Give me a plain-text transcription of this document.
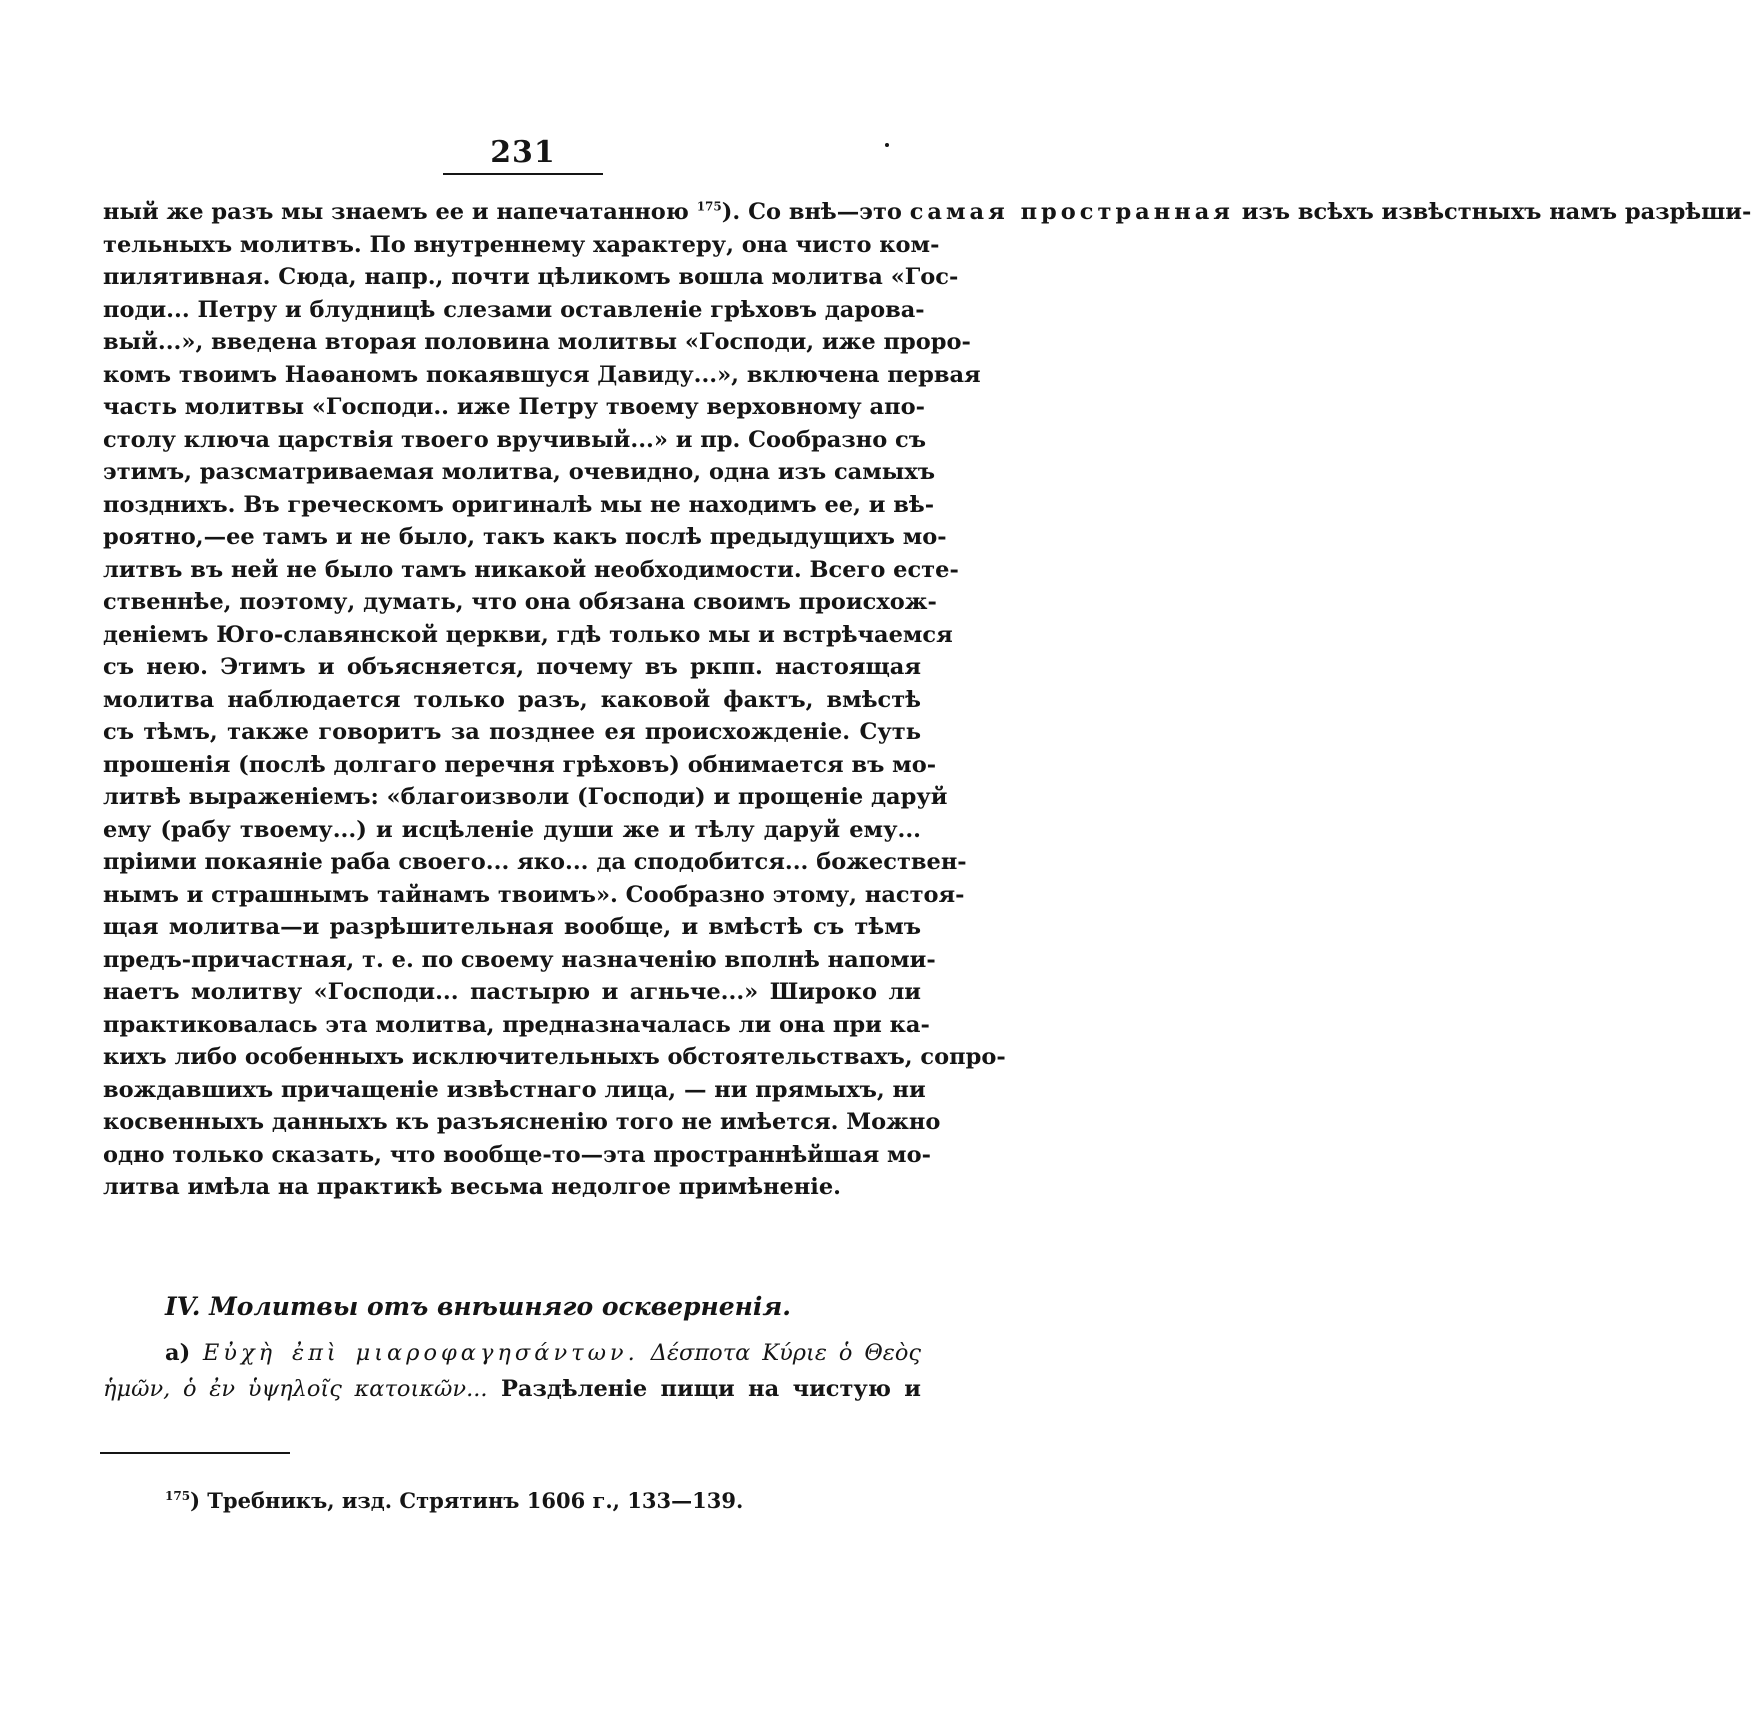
231
ный же разъ мы знаемъ ее и напечатанною $^{175}$). Со внѣ—это самая пространная изъ всѣхъ извѣстныхъ намъ разрѣши-
тельныхъ молитвъ. По внутреннему характеру, она чисто ком-
пилятивная. Сюда, напр., почти цѣликомъ вошла молитва «Гос-
поди... Петру и блудницѣ слезами оставленіе грѣховъ дарова-
вый...», введена вторая половина молитвы «Господи, иже проро-
комъ твоимъ Наѳаномъ покаявшуся Давиду...», включена первая
часть молитвы «Господи.. иже Петру твоему верховному апо-
столу ключа царствія твоего вручивый...» и пр. Сообразно съ
этимъ, разсматриваемая молитва, очевидно, одна изъ самыхъ
позднихъ. Въ греческомъ оригиналѣ мы не находимъ ее, и вѣ-
роятно,—ее тамъ и не было, такъ какъ послѣ предыдущихъ мо-
литвъ въ ней не было тамъ никакой необходимости. Всего есте-
ственнѣе, поэтому, думать, что она обязана своимъ происхож-
деніемъ Юго-славянской церкви, гдѣ только мы и встрѣчаемся
съ нею. Этимъ и объясняется, почему въ ркпп. настоящая
молитва наблюдается только разъ, каковой фактъ, вмѣстѣ
съ тѣмъ, также говоритъ за позднее ея происхожденіе. Суть
прошенія (послѣ долгаго перечня грѣховъ) обнимается въ мо-
литвѣ выраженіемъ: «благоизволи (Господи) и прощеніе даруй
ему (рабу твоему...) и исцѣленіе души же и тѣлу даруй ему...
пріими покаяніе раба своего... яко... да сподобится... божествен-
нымъ и страшнымъ тайнамъ твоимъ». Сообразно этому, настоя-
щая молитва—и разрѣшительная вообще, и вмѣстѣ съ тѣмъ
предъ-причастная, т. е. по своему назначенію вполнѣ напоми-
наетъ молитву «Господи... пастырю и агньче...» Широко ли
практиковалась эта молитва, предназначалась ли она при ка-
кихъ либо особенныхъ исключительныхъ обстоятельствахъ, сопро-
вождавшихъ причащеніе извѣстнаго лица, — ни прямыхъ, ни
косвенныхъ данныхъ къ разъясненію того не имѣется. Можно
одно только сказать, что вообще-то—эта пространнѣйшая мо-
литва имѣла на практикѣ весьма недолгое примѣненіе.
IV. Молитвы отъ внѣшняго оскверненія.
а) Εὐχὴ ἐπὶ μιαροφαγησάντων. Δέσποτα Κύριε ὁ Θεὸς
ἡμῶν, ὁ ἐν ὑψηλοῖς κατοικῶν... Раздѣленіе пищи на чистую и
$^{175}$) Требникъ, изд. Стрятинъ 1606 г., 133—139.
